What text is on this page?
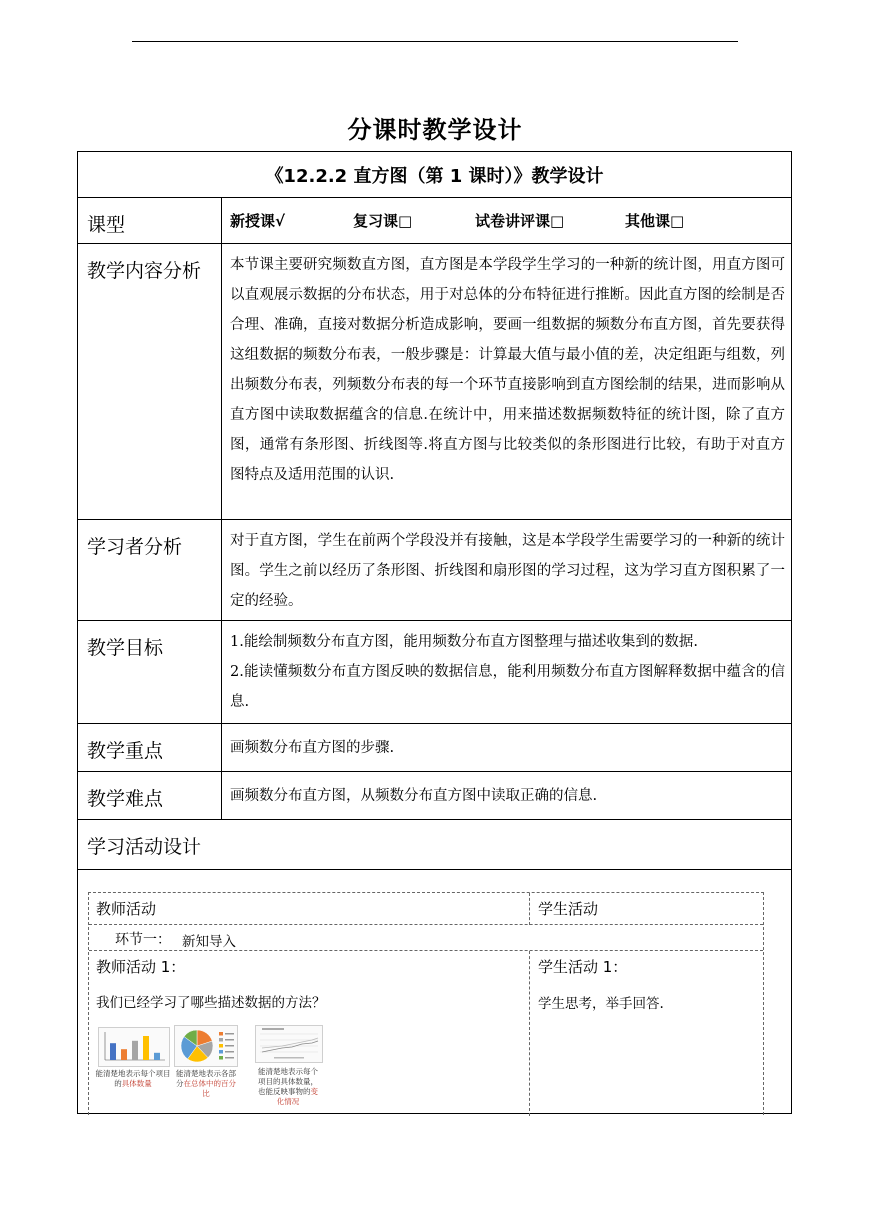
分课时教学设计
《12.2.2 直方图（第 1 课时）》教学设计
课型	新授课√	复习课□	试卷讲评课□	其他课□
教学内容分析	本节课主要研究频数直方图，直方图是本学段学生学习的一种新的统计图，用直方图可以直观展示数据的分布状态，用于对总体的分布特征进行推断。因此直方图的绘制是否合理、准确，直接对数据分析造成影响，要画一组数据的频数分布直方图，首先要获得这组数据的频数分布表，一般步骤是：计算最大值与最小值的差，决定组距与组数，列出频数分布表，列频数分布表的每一个环节直接影响到直方图绘制的结果，进而影响从直方图中读取数据蕴含的信息.在统计中，用来描述数据频数特征的统计图，除了直方图，通常有条形图、折线图等.将直方图与比较类似的条形图进行比较，有助于对直方图特点及适用范围的认识.
学习者分析	对于直方图，学生在前两个学段没并有接触，这是本学段学生需要学习的一种新的统计图。学生之前以经历了条形图、折线图和扇形图的学习过程，这为学习直方图积累了一定的经验。
教学目标	1.能绘制频数分布直方图，能用频数分布直方图整理与描述收集到的数据.

2.能读懂频数分布直方图反映的数据信息，能利用频数分布直方图解释数据中蕴含的信息.

教学重点	画频数分布直方图的步骤.
教学难点	画频数分布直方图，从频数分布直方图中读取正确的信息.
学习活动设计
教师活动	学生活动
环节一： 新知导入
教师活动 1：	学生活动 1：
我们已经学习了哪些描述数据的方法？	学生思考，举手回答.
能清楚地表示每个项目的具体数量
能清楚地表示各部分在总体中的百分比
能清楚地表示每个项目的具体数量，也能反映事物的变化情况
